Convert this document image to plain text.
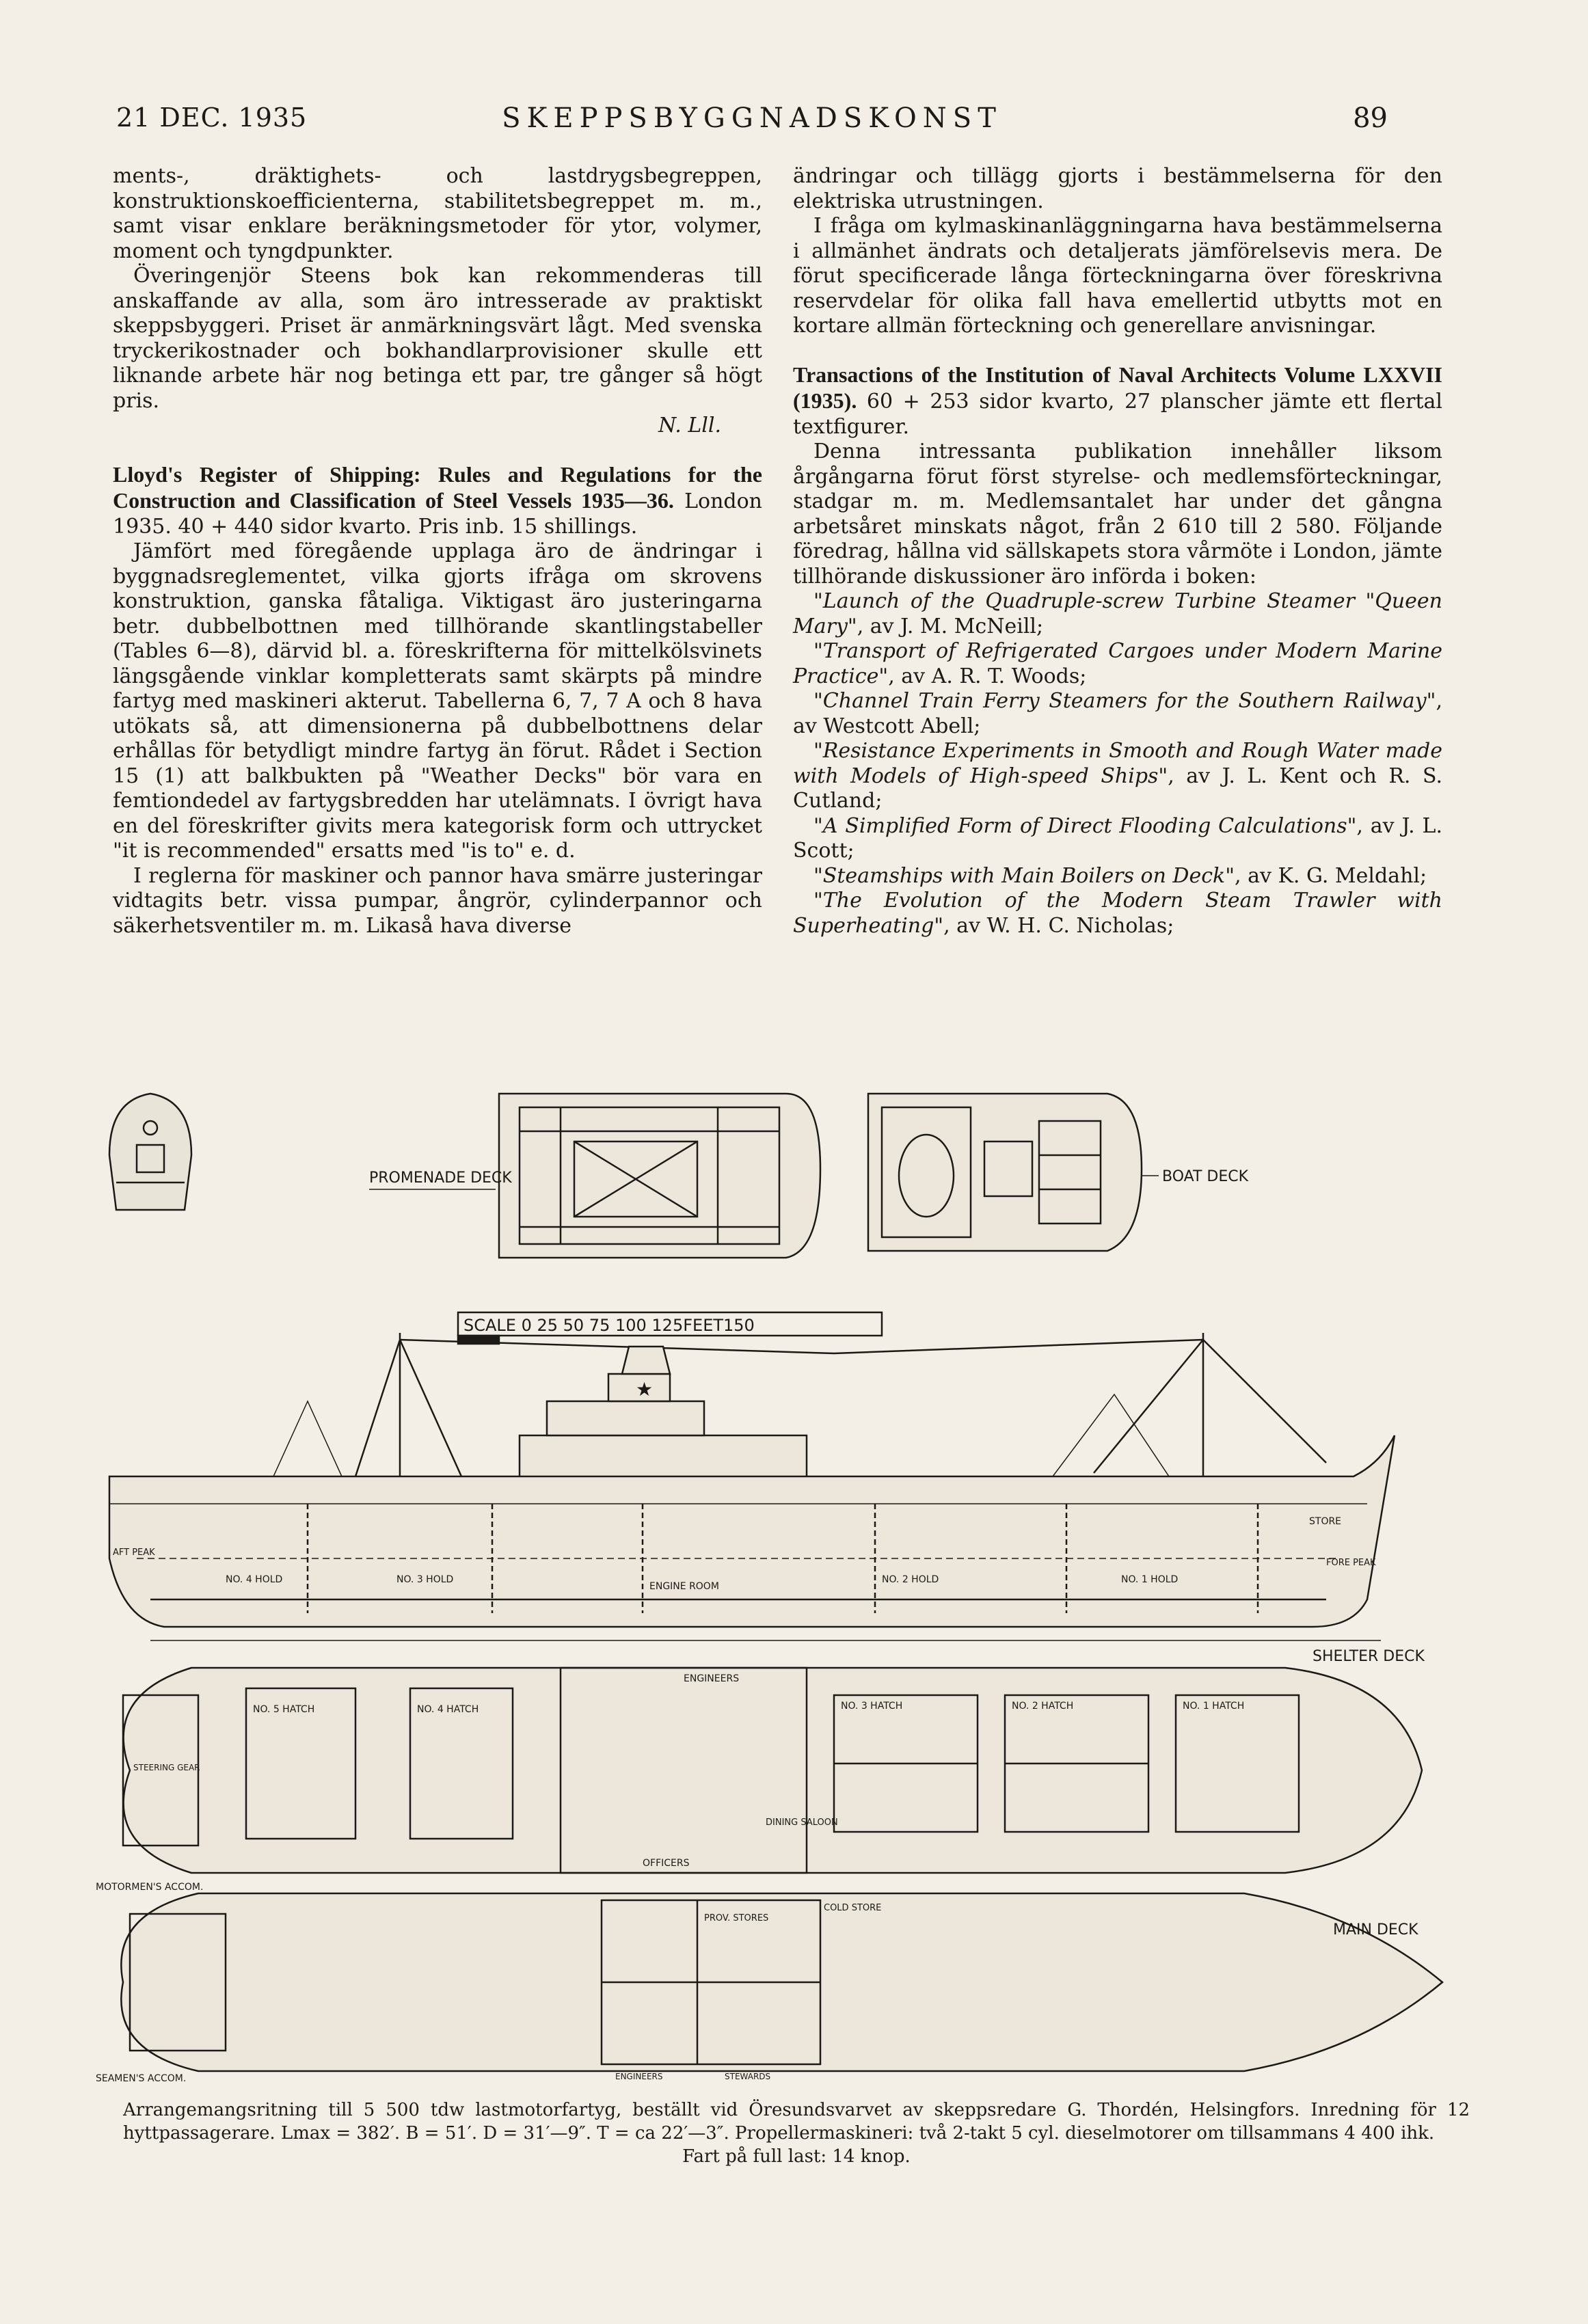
21 DEC. 1935	SKEPPSBYGGNADSKONST	89

ments-, dräktighets- och lastdrygsbegreppen, konstruktionskoefficienterna, stabilitetsbegreppet m. m., samt visar enklare beräkningsmetoder för ytor, volymer, moment och tyngdpunkter.

Överingenjör Steens bok kan rekommenderas till anskaffande av alla, som äro intresserade av praktiskt skeppsbyggeri. Priset är anmärkningsvärt lågt. Med svenska tryckerikostnader och bokhandlarprovisioner skulle ett liknande arbete här nog betinga ett par, tre gånger så högt pris.

N. Lll.

Lloyd's Register of Shipping: Rules and Regulations for the Construction and Classification of Steel Vessels 1935—36. London 1935. 40 + 440 sidor kvarto. Pris inb. 15 shillings.

Jämfört med föregående upplaga äro de ändringar i byggnadsreglementet, vilka gjorts ifråga om skrovens konstruktion, ganska fåtaliga. Viktigast äro justeringarna betr. dubbelbottnen med tillhörande skantlingstabeller (Tables 6—8), därvid bl. a. föreskrifterna för mittelkölsvinets längsgående vinklar kompletterats samt skärpts på mindre fartyg med maskineri akterut. Tabellerna 6, 7, 7 A och 8 hava utökats så, att dimensionerna på dubbelbottnens delar erhållas för betydligt mindre fartyg än förut. Rådet i Section 15 (1) att balkbukten på "Weather Decks" bör vara en femtiondedel av fartygsbredden har utelämnats. I övrigt hava en del föreskrifter givits mera kategorisk form och uttrycket "it is recommended" ersatts med "is to" e. d.

I reglerna för maskiner och pannor hava smärre justeringar vidtagits betr. vissa pumpar, ångrör, cylinderpannor och säkerhetsventiler m. m. Likaså hava diverse

ändringar och tillägg gjorts i bestämmelserna för den elektriska utrustningen.

I fråga om kylmaskinanläggningarna hava bestämmelserna i allmänhet ändrats och detaljerats jämförelsevis mera. De förut specificerade långa förteckningarna över föreskrivna reservdelar för olika fall hava emellertid utbytts mot en kortare allmän förteckning och generellare anvisningar.

Transactions of the Institution of Naval Architects Volume LXXVII (1935). 60 + 253 sidor kvarto, 27 planscher jämte ett flertal textfigurer.

Denna intressanta publikation innehåller liksom årgångarna förut först styrelse- och medlemsförteckningar, stadgar m. m. Medlemsantalet har under det gångna arbetsåret minskats något, från 2 610 till 2 580. Följande föredrag, hållna vid sällskapets stora vårmöte i London, jämte tillhörande diskussioner äro införda i boken:

"Launch of the Quadruple-screw Turbine Steamer "Queen Mary", av J. M. McNeill;

"Transport of Refrigerated Cargoes under Modern Marine Practice", av A. R. T. Woods;

"Channel Train Ferry Steamers for the Southern Railway", av Westcott Abell;

"Resistance Experiments in Smooth and Rough Water made with Models of High-speed Ships", av J. L. Kent och R. S. Cutland;

"A Simplified Form of Direct Flooding Calculations", av J. L. Scott;

"Steamships with Main Boilers on Deck", av K. G. Meldahl;

"The Evolution of the Modern Steam Trawler with Superheating", av W. H. C. Nicholas;

PROMENADE DECK	BOAT DECK
SCALE 0 25 50 75 100 125FEET150
★
AFT PEAK
NO. 4 HOLD	NO. 3 HOLD
ENGINE ROOM
NO. 2 HOLD	NO. 1 HOLD
FORE PEAK
STORE
NO. 5 HATCH	NO. 4 HATCH	NO. 3 HATCH	NO. 2 HATCH	NO. 1 HATCH
ENGINEERS
DINING SALOON
OFFICERS
STEERING GEAR
SHELTER DECK
PROV. STORES
COLD STORE
ENGINEERS	STEWARDS
MOTORMEN'S ACCOM.
SEAMEN'S ACCOM.
MAIN DECK
Arrangemangsritning till 5 500 tdw lastmotorfartyg, beställt vid Öresundsvarvet av skeppsredare G. Thordén, Helsingfors. Inredning för 12 hyttpassagerare. Lmax = 382′. B = 51′. D = 31′—9″. T = ca 22′—3″. Propellermaskineri: två 2-takt 5 cyl. dieselmotorer om tillsammans 4 400 ihk.
Fart på full last: 14 knop.
